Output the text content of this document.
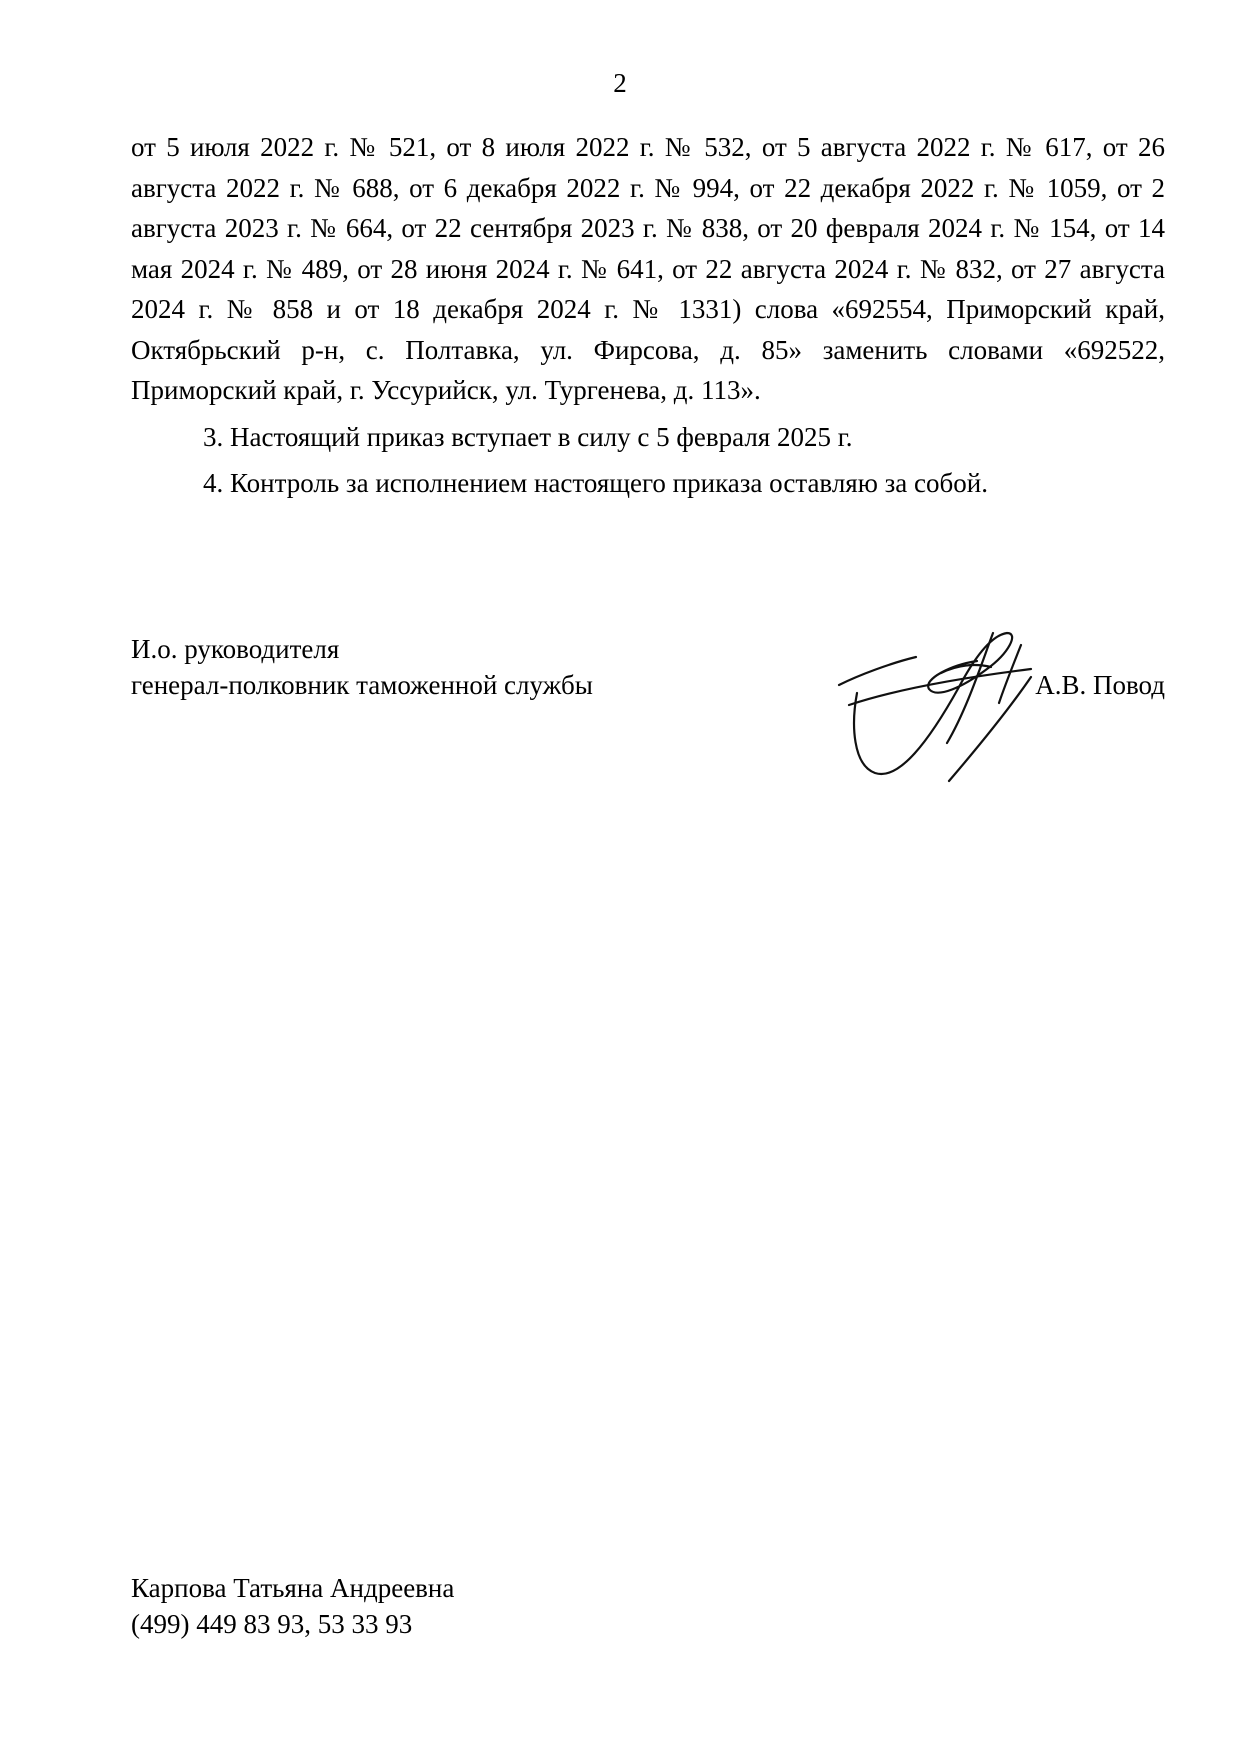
2

от 5 июля 2022 г. № 521, от 8 июля 2022 г. № 532, от 5 августа 2022 г. № 617, от 26 августа 2022 г. № 688, от 6 декабря 2022 г. № 994, от 22 декабря 2022 г. № 1059, от 2 августа 2023 г. № 664, от 22 сентября 2023 г. № 838, от 20 февраля 2024 г. № 154, от 14 мая 2024 г. № 489, от 28 июня 2024 г. № 641, от 22 августа 2024 г. № 832, от 27 августа 2024 г. № 858 и от 18 декабря 2024 г. № 1331) слова «692554, Приморский край, Октябрьский р-н, с. Полтавка, ул. Фирсова, д. 85» заменить словами «692522, Приморский край, г. Уссурийск, ул. Тургенева, д. 113».

3. Настоящий приказ вступает в силу с 5 февраля 2025 г.

4. Контроль за исполнением настоящего приказа оставляю за собой.

И.о. руководителя
генерал-полковник таможенной службы	А.В. Повод
Карпова Татьяна Андреевна
(499) 449 83 93, 53 33 93
